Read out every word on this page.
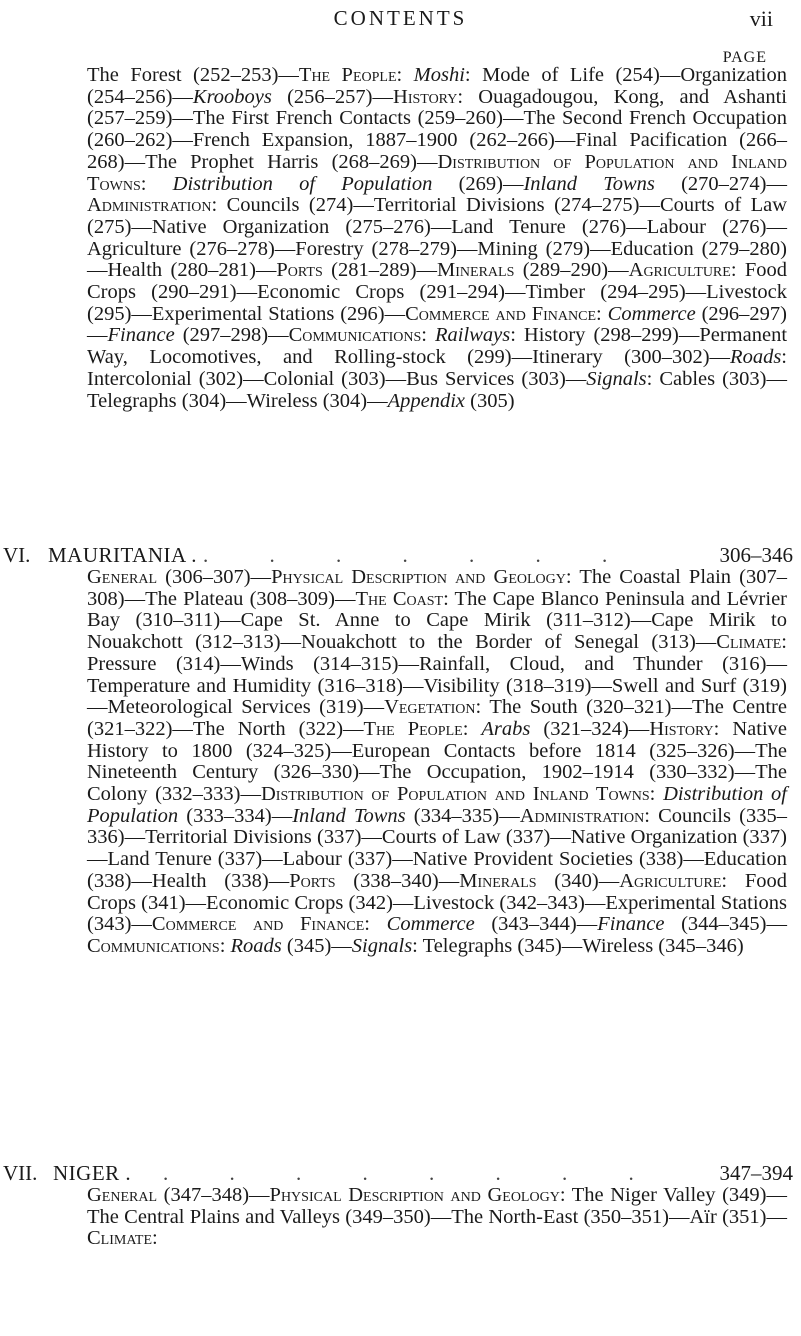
CONTENTS	vii
PAGE

The Forest (252–253)—The People: Moshi: Mode of Life (254)—Organization (254–256)—Krooboys (256–257)—History: Ouagadougou, Kong, and Ashanti (257–259)—The First French Contacts (259–260)—The Second French Occupation (260–262)—French Expansion, 1887–1900 (262–266)—Final Pacification (266–268)—The Prophet Harris (268–269)—Distribution of Population and Inland Towns: Distribution of Population (269)—Inland Towns (270–274)—Administration: Councils (274)—Territorial Divisions (274–275)—Courts of Law (275)—Native Organization (275–276)—Land Tenure (276)—Labour (276)—Agriculture (276–278)—Forestry (278–279)—Mining (279)—Education (279–280)—Health (280–281)—Ports (281–289)—Minerals (289–290)—Agriculture: Food Crops (290–291)—Economic Crops (291–294)—Timber (294–295)—Livestock (295)—Experimental Stations (296)—Commerce and Finance: Commerce (296–297)—Finance (297–298)—Communications: Railways: History (298–299)—Permanent Way, Locomotives, and Rolling-stock (299)—Itinerary (300–302)—Roads: Intercolonial (302)—Colonial (303)—Bus Services (303)—Signals: Cables (303)—Telegraphs (304)—Wireless (304)—Appendix (305)

VI. MAURITANIA . . . . . . . .	306–346

General (306–307)—Physical Description and Geology: The Coastal Plain (307–308)—The Plateau (308–309)—The Coast: The Cape Blanco Peninsula and Lévrier Bay (310–311)—Cape St. Anne to Cape Mirik (311–312)—Cape Mirik to Nouakchott (312–313)—Nouakchott to the Border of Senegal (313)—Climate: Pressure (314)—Winds (314–315)—Rainfall, Cloud, and Thunder (316)—Temperature and Humidity (316–318)—Visibility (318–319)—Swell and Surf (319)—Meteorological Services (319)—Vegetation: The South (320–321)—The Centre (321–322)—The North (322)—The People: Arabs (321–324)—History: Native History to 1800 (324–325)—European Contacts before 1814 (325–326)—The Nineteenth Century (326–330)—The Occupation, 1902–1914 (330–332)—The Colony (332–333)—Distribution of Population and Inland Towns: Distribution of Population (333–334)—Inland Towns (334–335)—Administration: Councils (335–336)—Territorial Divisions (337)—Courts of Law (337)—Native Organization (337)—Land Tenure (337)—Labour (337)—Native Provident Societies (338)—Education (338)—Health (338)—Ports (338–340)—Minerals (340)—Agriculture: Food Crops (341)—Economic Crops (342)—Livestock (342–343)—Experimental Stations (343)—Commerce and Finance: Commerce (343–344)—Finance (344–345)—Communications: Roads (345)—Signals: Telegraphs (345)—Wireless (345–346)

VII. NIGER . . . . . . . . .	347–394

General (347–348)—Physical Description and Geology: The Niger Valley (349)—The Central Plains and Valleys (349–350)—The North-East (350–351)—Aïr (351)—Climate:
